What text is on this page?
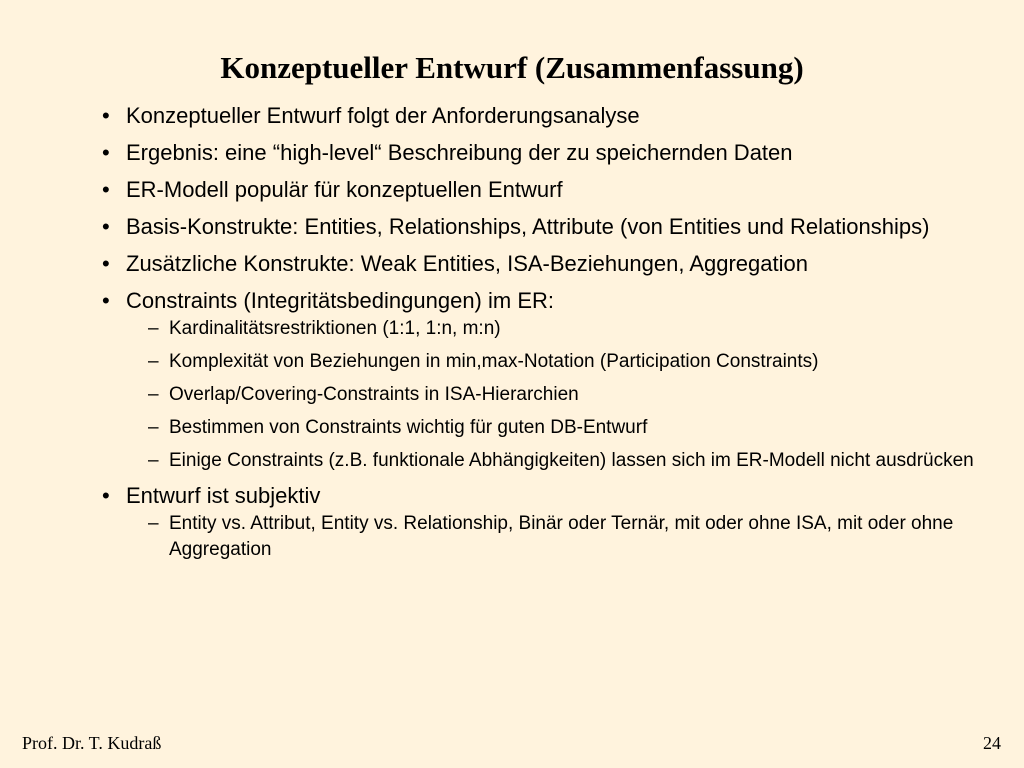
Konzeptueller Entwurf (Zusammenfassung)
• Konzeptueller Entwurf folgt der Anforderungsanalyse
• Ergebnis: eine “high-level“ Beschreibung der zu speichernden Daten
• ER-Modell populär für konzeptuellen Entwurf
• Basis-Konstrukte: Entities, Relationships, Attribute (von Entities und Relationships)
• Zusätzliche Konstrukte: Weak Entities, ISA-Beziehungen, Aggregation
• Constraints (Integritätsbedingungen) im ER:
– Kardinalitätsrestriktionen (1:1, 1:n, m:n)
– Komplexität von Beziehungen in min,max-Notation (Participation Constraints)
– Overlap/Covering-Constraints in ISA-Hierarchien
– Bestimmen von Constraints wichtig für guten DB-Entwurf
– Einige Constraints (z.B. funktionale Abhängigkeiten) lassen sich im ER-Modell nicht ausdrücken
• Entwurf ist subjektiv
– Entity vs. Attribut, Entity vs. Relationship, Binär oder Ternär, mit oder ohne ISA, mit oder ohne Aggregation
Prof. Dr. T. Kudraß	24
